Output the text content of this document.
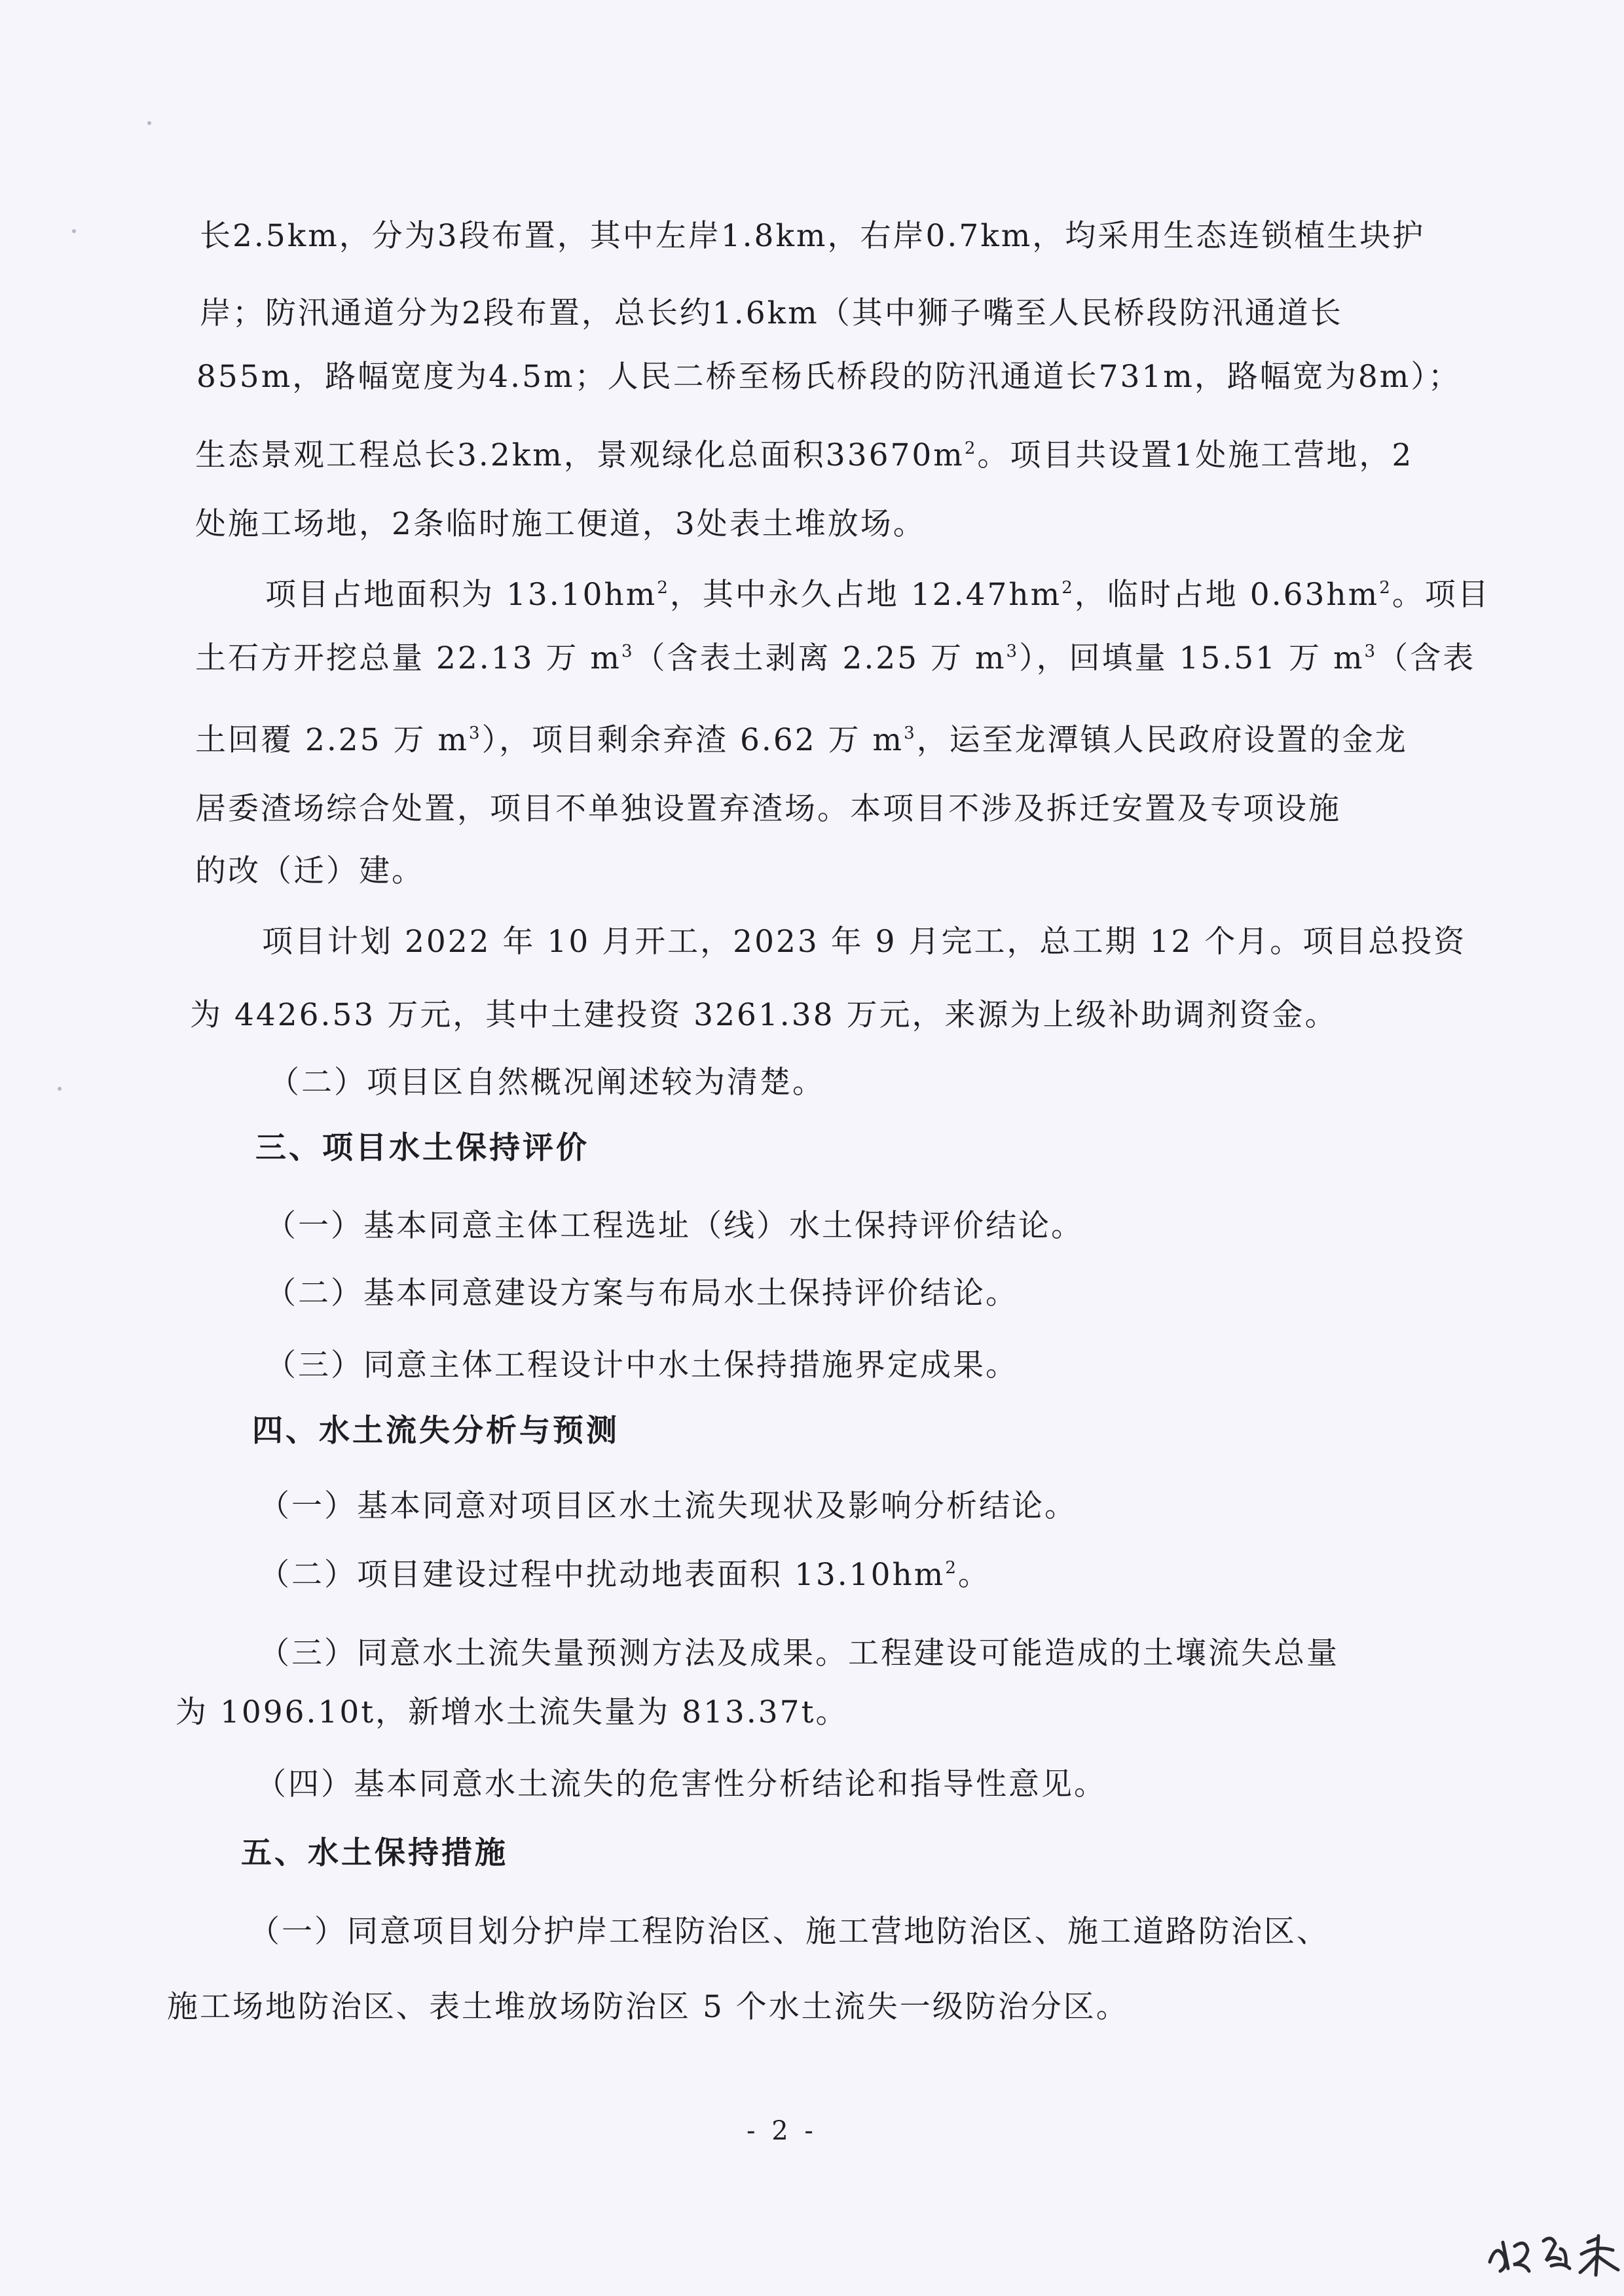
长2.5km，分为3段布置，其中左岸1.8km，右岸0.7km，均采用生态连锁植生块护
岸；防汛通道分为2段布置，总长约1.6km（其中狮子嘴至人民桥段防汛通道长
855m，路幅宽度为4.5m；人民二桥至杨氏桥段的防汛通道长731m，路幅宽为8m）；
生态景观工程总长3.2km，景观绿化总面积$33670m^2$。项目共设置1处施工营地，2
处施工场地，2条临时施工便道，3处表土堆放场。
项目占地面积为 $13.10hm^2$，其中永久占地 $12.47hm^2$，临时占地 $0.63hm^2$。项目
土石方开挖总量 22.13 万 $m^3$（含表土剥离 2.25 万 $m^3$），回填量 15.51 万 $m^3$（含表
土回覆 2.25 万 $m^3$），项目剩余弃渣 6.62 万 $m^3$，运至龙潭镇人民政府设置的金龙
居委渣场综合处置，项目不单独设置弃渣场。本项目不涉及拆迁安置及专项设施
的改（迁）建。
项目计划 2022 年 10 月开工，2023 年 9 月完工，总工期 12 个月。项目总投资
为 4426.53 万元，其中土建投资 3261.38 万元，来源为上级补助调剂资金。
（二）项目区自然概况阐述较为清楚。
三、项目水土保持评价
（一）基本同意主体工程选址（线）水土保持评价结论。
（二）基本同意建设方案与布局水土保持评价结论。
（三）同意主体工程设计中水土保持措施界定成果。
四、水土流失分析与预测
（一）基本同意对项目区水土流失现状及影响分析结论。
（二）项目建设过程中扰动地表面积 $13.10hm^2$。
（三）同意水土流失量预测方法及成果。工程建设可能造成的土壤流失总量
为 1096.10t，新增水土流失量为 813.37t。
（四）基本同意水土流失的危害性分析结论和指导性意见。
五、水土保持措施
（一）同意项目划分护岸工程防治区、施工营地防治区、施工道路防治区、
施工场地防治区、表土堆放场防治区 5 个水土流失一级防治分区。
- 2 -
